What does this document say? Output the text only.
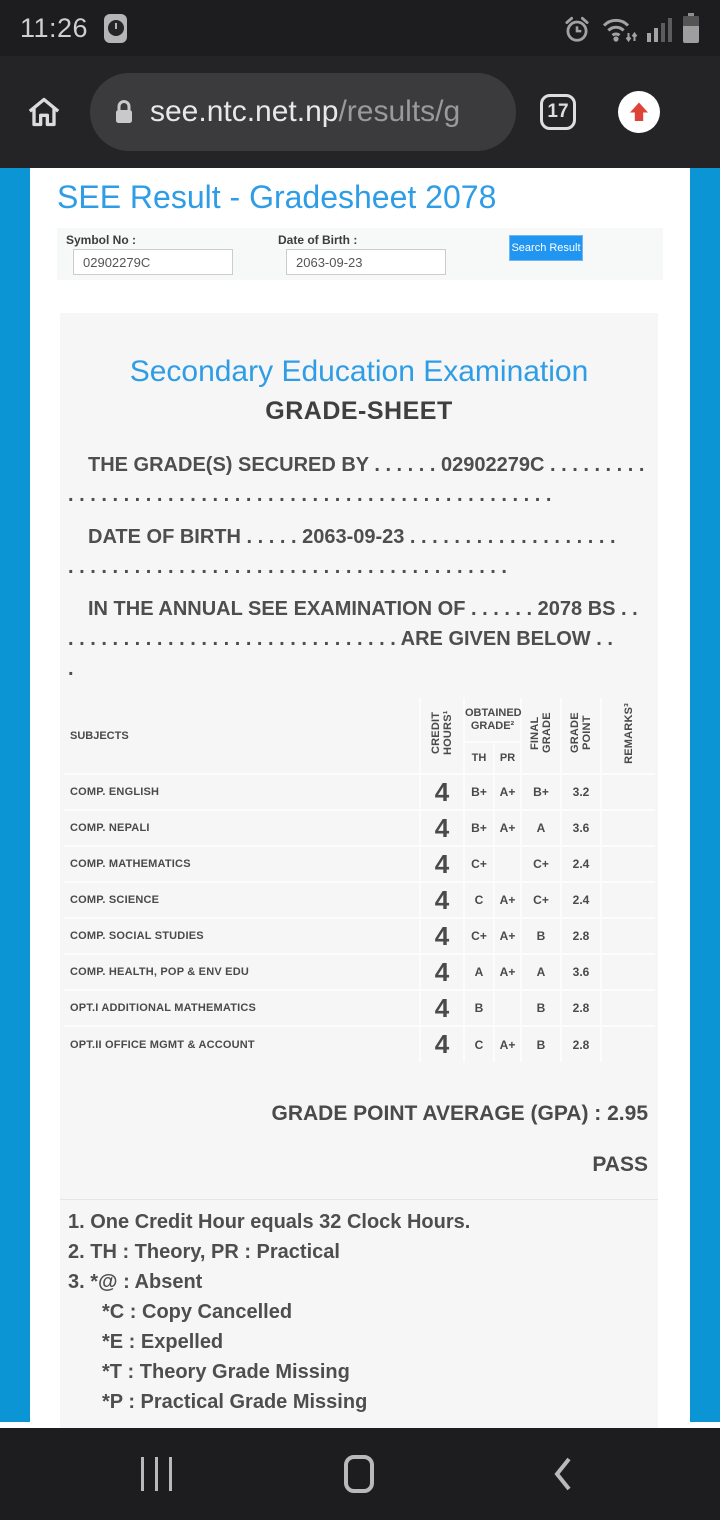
11:26
see.ntc.net.np/results/g	17
SEE Result - Gradesheet 2078
Symbol No :
02902279C	Date of Birth :
2063-09-23
Search Result
Secondary Education Examination
GRADE-SHEET
THE GRADE(S) SECURED BY . . . . . . 02902279C . . . . . . . . .
. . . . . . . . . . . . . . . . . . . . . . . . . . . . . . . . . . . . . . . . . . . .
DATE OF BIRTH . . . . . 2063-09-23 . . . . . . . . . . . . . . . . . . .
. . . . . . . . . . . . . . . . . . . . . . . . . . . . . . . . . . . . . . . .
IN THE ANNUAL SEE EXAMINATION OF . . . . . . 2078 BS . .
. . . . . . . . . . . . . . . . . . . . . . . . . . . . . . ARE GIVEN BELOW . .
.
SUBJECTS	CREDIT HOURS¹	OBTAINED GRADE²		FINAL GRADE	GRADE POINT	REMARKS³
		TH	PR			
COMP. ENGLISH	4	B+	A+	B+	3.2	
COMP. NEPALI	4	B+	A+	A	3.6	
COMP. MATHEMATICS	4	C+		C+	2.4	
COMP. SCIENCE	4	C	A+	C+	2.4	
COMP. SOCIAL STUDIES	4	C+	A+	B	2.8	
COMP. HEALTH, POP & ENV EDU	4	A	A+	A	3.6	
OPT.I ADDITIONAL MATHEMATICS	4	B		B	2.8	
OPT.II OFFICE MGMT & ACCOUNT	4	C	A+	B	2.8	
GRADE POINT AVERAGE (GPA) : 2.95
PASS
1. One Credit Hour equals 32 Clock Hours.
2. TH : Theory, PR : Practical
3. *@ : Absent
*C : Copy Cancelled
*E : Expelled
*T : Theory Grade Missing
*P : Practical Grade Missing
